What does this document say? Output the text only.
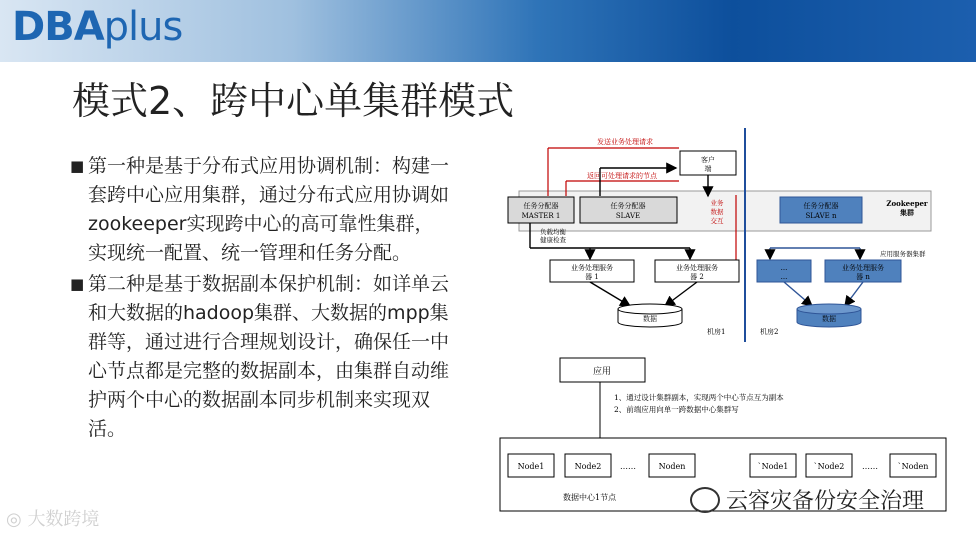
DBAplus
模式2、跨中心单集群模式
■ 第一种是基于分布式应用协调机制：构建一套跨中心应用集群，通过分布式应用协调如zookeeper实现跨中心的高可靠性集群，实现统一配置、统一管理和任务分配。
■ 第二种是基于数据副本保护机制：如详单云和大数据的hadoop集群、大数据的mpp集群等，通过进行合理规划设计，确保任一中心节点都是完整的数据副本，由集群自动维护两个中心的数据副本同步机制来实现双活。
发送业务处理请求
返回可处理请求的节点
客户
端
任务分配器
MASTER 1
任务分配器
SLAVE
业务
数据
交互
任务分配器
SLAVE n
Zookeeper
集群
负载均衡
健康检查
应用服务器集群
业务处理服务
器 1
业务处理服务
器 2
...
...
业务处理服务
器 n
数据	数据
机房1	机房2
应用
1、通过设计集群副本，实现两个中心节点互为副本
2、前端应用向单一跨数据中心集群写
Node1	Node2 ……	Noden	`Node1	`Node2 …… `Noden
数据中心1节点
◎ 大数跨境
云容灾备份安全治理
